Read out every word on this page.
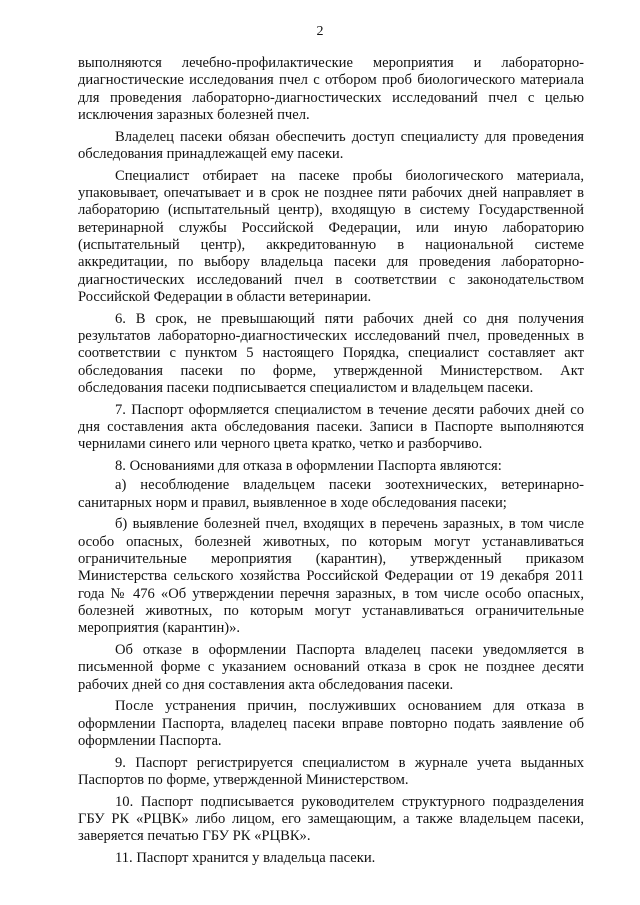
2

выполняются лечебно-профилактические мероприятия и лабораторно-диагностические исследования пчел с отбором проб биологического материала для проведения лабораторно-диагностических исследований пчел с целью исключения заразных болезней пчел.

Владелец пасеки обязан обеспечить доступ специалисту для проведения обследования принадлежащей ему пасеки.

Специалист отбирает на пасеке пробы биологического материала, упаковывает, опечатывает и в срок не позднее пяти рабочих дней направляет в лабораторию (испытательный центр), входящую в систему Государственной ветеринарной службы Российской Федерации, или иную лабораторию (испытательный центр), аккредитованную в национальной системе аккредитации, по выбору владельца пасеки для проведения лабораторно-диагностических исследований пчел в соответствии с законодательством Российской Федерации в области ветеринарии.

6. В срок, не превышающий пяти рабочих дней со дня получения результатов лабораторно-диагностических исследований пчел, проведенных в соответствии с пунктом 5 настоящего Порядка, специалист составляет акт обследования пасеки по форме, утвержденной Министерством. Акт обследования пасеки подписывается специалистом и владельцем пасеки.

7. Паспорт оформляется специалистом в течение десяти рабочих дней со дня составления акта обследования пасеки. Записи в Паспорте выполняются чернилами синего или черного цвета кратко, четко и разборчиво.

8. Основаниями для отказа в оформлении Паспорта являются:

а) несоблюдение владельцем пасеки зоотехнических, ветеринарно-санитарных норм и правил, выявленное в ходе обследования пасеки;

б) выявление болезней пчел, входящих в перечень заразных, в том числе особо опасных, болезней животных, по которым могут устанавливаться ограничительные мероприятия (карантин), утвержденный приказом Министерства сельского хозяйства Российской Федерации от 19 декабря 2011 года № 476 «Об утверждении перечня заразных, в том числе особо опасных, болезней животных, по которым могут устанавливаться ограничительные мероприятия (карантин)».

Об отказе в оформлении Паспорта владелец пасеки уведомляется в письменной форме с указанием оснований отказа в срок не позднее десяти рабочих дней со дня составления акта обследования пасеки.

После устранения причин, послуживших основанием для отказа в оформлении Паспорта, владелец пасеки вправе повторно подать заявление об оформлении Паспорта.

9. Паспорт регистрируется специалистом в журнале учета выданных Паспортов по форме, утвержденной Министерством.

10. Паспорт подписывается руководителем структурного подразделения ГБУ РК «РЦВК» либо лицом, его замещающим, а также владельцем пасеки, заверяется печатью ГБУ РК «РЦВК».

11. Паспорт хранится у владельца пасеки.
